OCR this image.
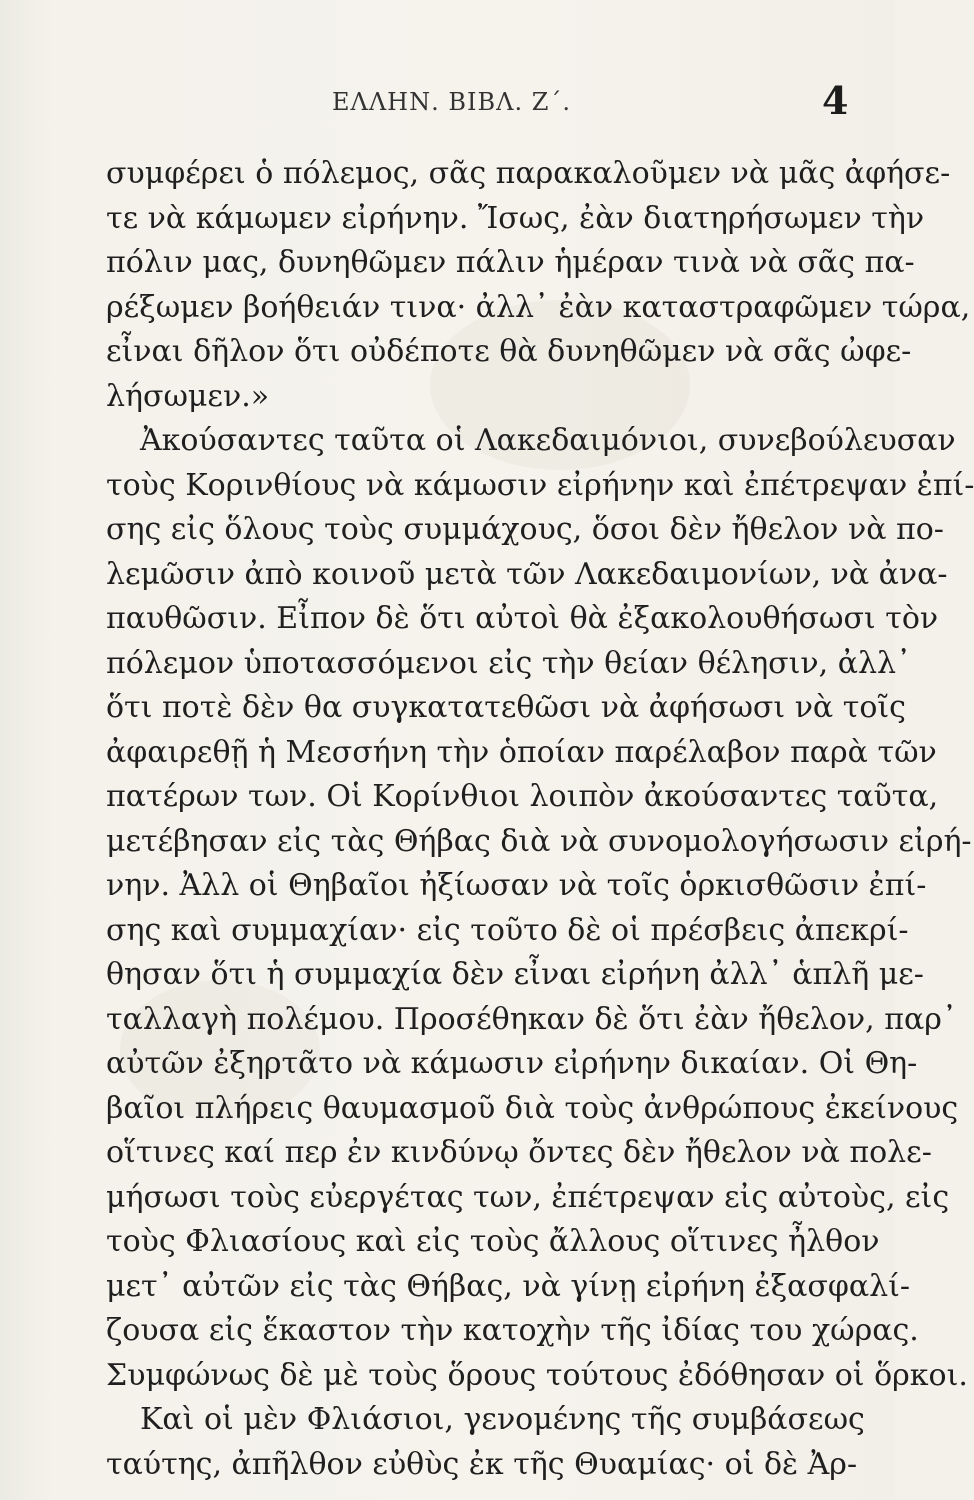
ΕΛΛΗΝ. ΒΙΒΛ. Ζ΄.	4
συμφέρει ὁ πόλεμος, σᾶς παρακαλοῦμεν νὰ μᾶς ἀφήσε-
τε νὰ κάμωμεν εἰρήνην. Ἴσως, ἐὰν διατηρήσωμεν τὴν
πόλιν μας, δυνηθῶμεν πάλιν ἡμέραν τινὰ νὰ σᾶς πα-
ρέξωμεν βοήθειάν τινα· ἀλλ᾽ ἐὰν καταστραφῶμεν τώρα,
εἶναι δῆλον ὅτι οὐδέποτε θὰ δυνηθῶμεν νὰ σᾶς ὠφε-
λήσωμεν.»
Ἀκούσαντες ταῦτα οἱ Λακεδαιμόνιοι, συνεβούλευσαν
τοὺς Κορινθίους νὰ κάμωσιν εἰρήνην καὶ ἐπέτρεψαν ἐπί-
σης εἰς ὅλους τοὺς συμμάχους, ὅσοι δὲν ἤθελον νὰ πο-
λεμῶσιν ἀπὸ κοινοῦ μετὰ τῶν Λακεδαιμονίων, νὰ ἀνα-
παυθῶσιν. Εἶπον δὲ ὅτι αὐτοὶ θὰ ἐξακολουθήσωσι τὸν
πόλεμον ὑποτασσόμενοι εἰς τὴν θείαν θέλησιν, ἀλλ᾽
ὅτι ποτὲ δὲν θα συγκατατεθῶσι νὰ ἀφήσωσι νὰ τοῖς
ἀφαιρεθῇ ἡ Μεσσήνη τὴν ὁποίαν παρέλαβον παρὰ τῶν
πατέρων των. Οἱ Κορίνθιοι λοιπὸν ἀκούσαντες ταῦτα,
μετέβησαν εἰς τὰς Θήβας διὰ νὰ συνομολογήσωσιν εἰρή-
νην. Ἀλλ οἱ Θηβαῖοι ἠξίωσαν νὰ τοῖς ὁρκισθῶσιν ἐπί-
σης καὶ συμμαχίαν· εἰς τοῦτο δὲ οἱ πρέσβεις ἀπεκρί-
θησαν ὅτι ἡ συμμαχία δὲν εἶναι εἰρήνη ἀλλ᾽ ἁπλῆ με-
ταλλαγὴ πολέμου. Προσέθηκαν δὲ ὅτι ἐὰν ἤθελον, παρ᾽
αὐτῶν ἐξηρτᾶτο νὰ κάμωσιν εἰρήνην δικαίαν. Οἱ Θη-
βαῖοι πλήρεις θαυμασμοῦ διὰ τοὺς ἀνθρώπους ἐκείνους
οἵτινες καί περ ἐν κινδύνῳ ὄντες δὲν ἤθελον νὰ πολε-
μήσωσι τοὺς εὐεργέτας των, ἐπέτρεψαν εἰς αὐτοὺς, εἰς
τοὺς Φλιασίους καὶ εἰς τοὺς ἄλλους οἵτινες ἦλθον
μετ᾽ αὐτῶν εἰς τὰς Θήβας, νὰ γίνῃ εἰρήνη ἐξασφαλί-
ζουσα εἰς ἕκαστον τὴν κατοχὴν τῆς ἰδίας του χώρας.
Συμφώνως δὲ μὲ τοὺς ὅρους τούτους ἐδόθησαν οἱ ὅρκοι.
Καὶ οἱ μὲν Φλιάσιοι, γενομένης τῆς συμβάσεως
ταύτης, ἀπῆλθον εὐθὺς ἐκ τῆς Θυαμίας· οἱ δὲ Ἀρ-
